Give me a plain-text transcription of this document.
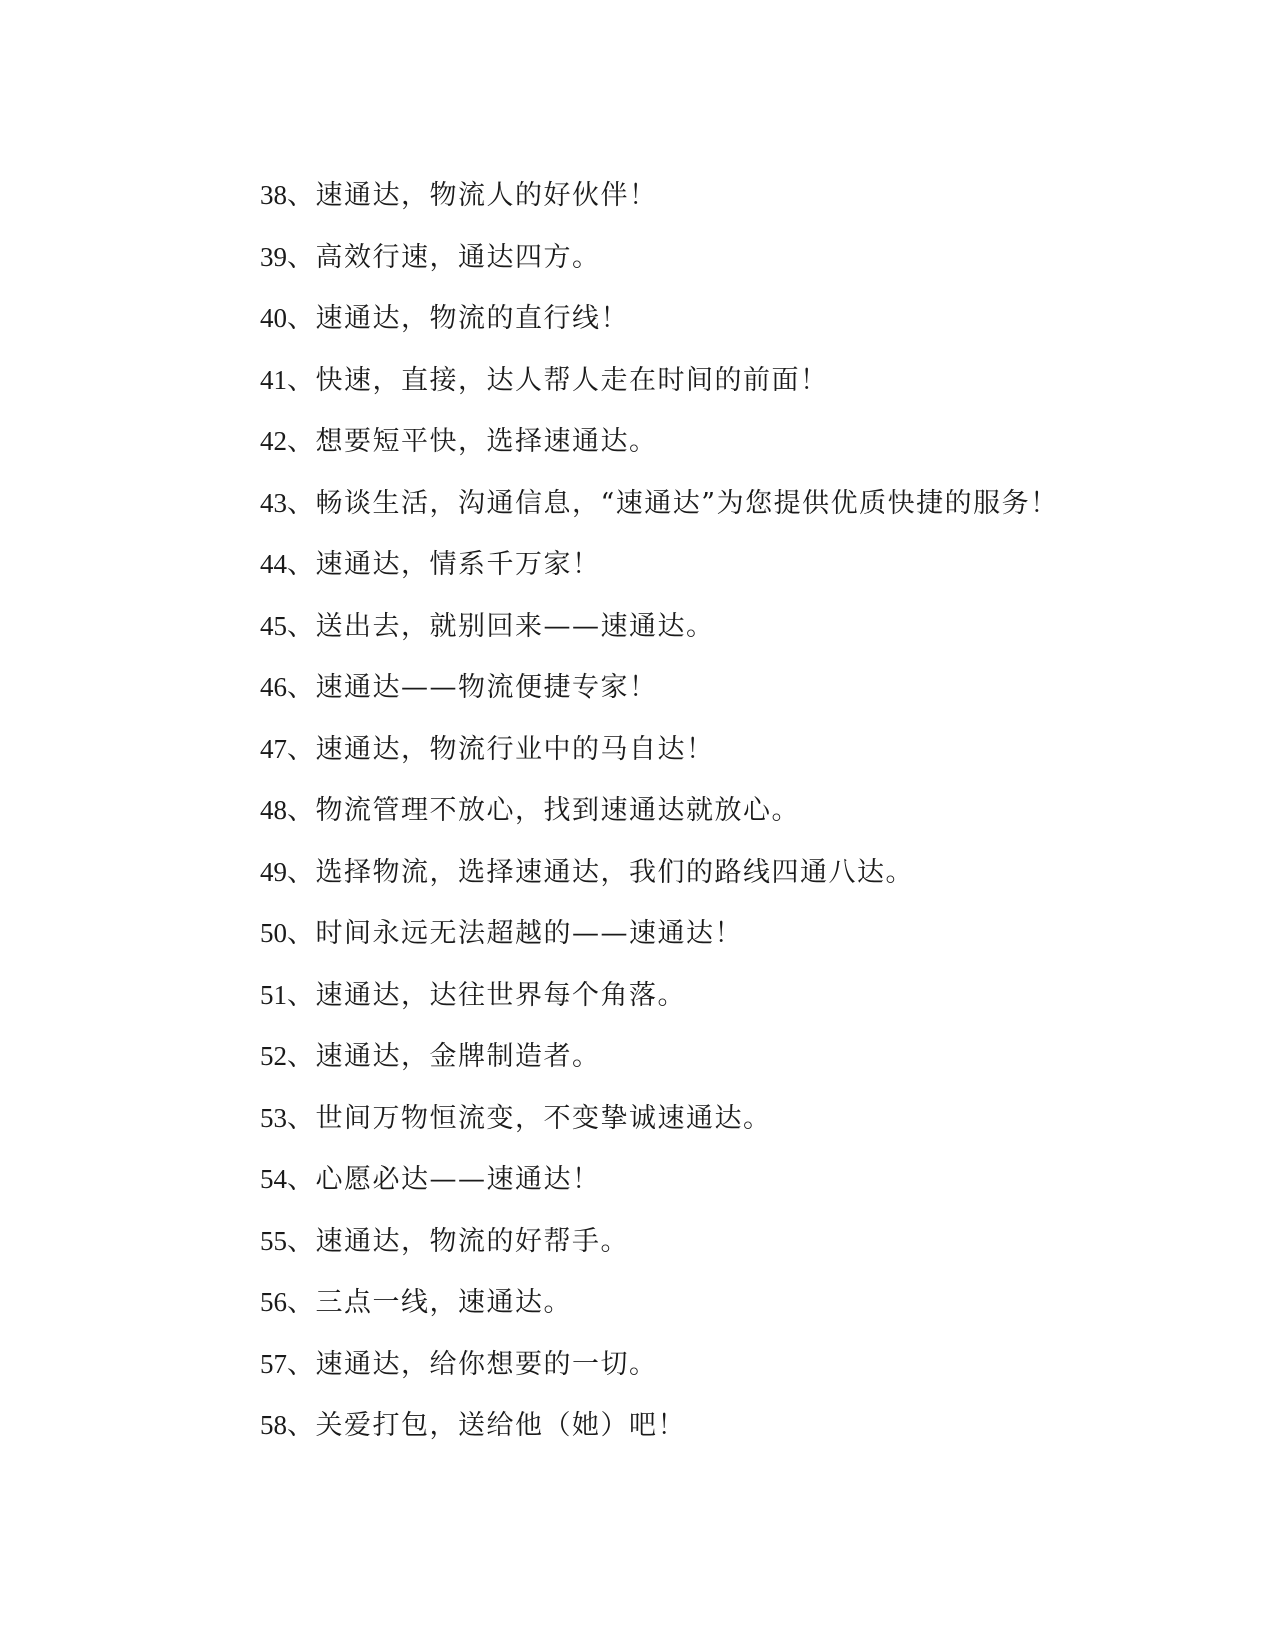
38、速通达，物流人的好伙伴！
39、高效行速，通达四方。
40、速通达，物流的直行线！
41、快速，直接，达人帮人走在时间的前面！
42、想要短平快，选择速通达。
43、畅谈生活，沟通信息，“速通达”为您提供优质快捷的服务！
44、速通达，情系千万家！
45、送出去，就别回来——速通达。
46、速通达——物流便捷专家！
47、速通达，物流行业中的马自达！
48、物流管理不放心，找到速通达就放心。
49、选择物流，选择速通达，我们的路线四通八达。
50、时间永远无法超越的——速通达！
51、速通达，达往世界每个角落。
52、速通达，金牌制造者。
53、世间万物恒流变，不变挚诚速通达。
54、心愿必达——速通达！
55、速通达，物流的好帮手。
56、三点一线，速通达。
57、速通达，给你想要的一切。
58、关爱打包，送给他（她）吧！
